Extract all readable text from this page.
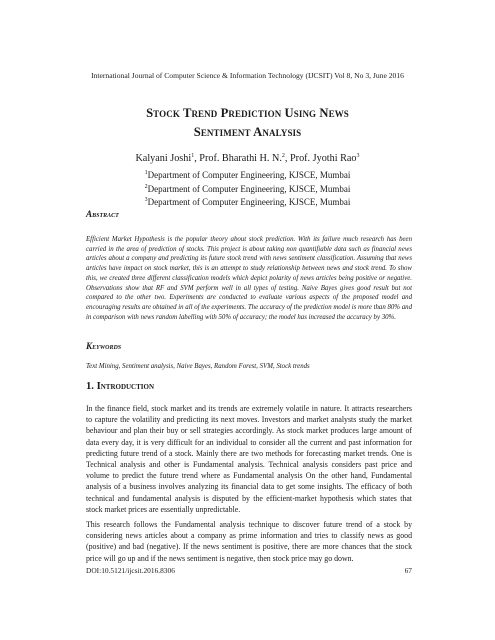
International Journal of Computer Science & Information Technology (IJCSIT) Vol 8, No 3, June 2016
Stock Trend Prediction Using News
Sentiment Analysis
Kalyani Joshi$^1$, Prof. Bharathi H. N.$^2$, Prof. Jyothi Rao$^3$
$^1$Department of Computer Engineering, KJSCE, Mumbai
$^2$Department of Computer Engineering, KJSCE, Mumbai
$^3$Department of Computer Engineering, KJSCE, Mumbai
Abstract

Efficient Market Hypothesis is the popular theory about stock prediction. With its failure much research has been carried in the area of prediction of stocks. This project is about taking non quantifiable data such as financial news articles about a company and predicting its future stock trend with news sentiment classification. Assuming that news articles have impact on stock market, this is an attempt to study relationship between news and stock trend. To show this, we created three different classification models which depict polarity of news articles being positive or negative. Observations show that RF and SVM perform well in all types of testing. Naive Bayes gives good result but not compared to the other two. Experiments are conducted to evaluate various aspects of the proposed model and encouraging results are obtained in all of the experiments. The accuracy of the prediction model is more than 80% and in comparison with news random labelling with 50% of accuracy; the model has increased the accuracy by 30%.

Keywords

Text Mining, Sentiment analysis, Naive Bayes, Random Forest, SVM, Stock trends

1. Introduction

In the finance field, stock market and its trends are extremely volatile in nature. It attracts researchers to capture the volatility and predicting its next moves. Investors and market analysts study the market behaviour and plan their buy or sell strategies accordingly. As stock market produces large amount of data every day, it is very difficult for an individual to consider all the current and past information for predicting future trend of a stock. Mainly there are two methods for forecasting market trends. One is Technical analysis and other is Fundamental analysis. Technical analysis considers past price and volume to predict the future trend where as Fundamental analysis On the other hand, Fundamental analysis of a business involves analyzing its financial data to get some insights. The efficacy of both technical and fundamental analysis is disputed by the efficient-market hypothesis which states that stock market prices are essentially unpredictable.

This research follows the Fundamental analysis technique to discover future trend of a stock by considering news articles about a company as prime information and tries to classify news as good (positive) and bad (negative). If the news sentiment is positive, there are more chances that the stock price will go up and if the news sentiment is negative, then stock price may go down.

DOI:10.5121/ijcsit.2016.8306	67
